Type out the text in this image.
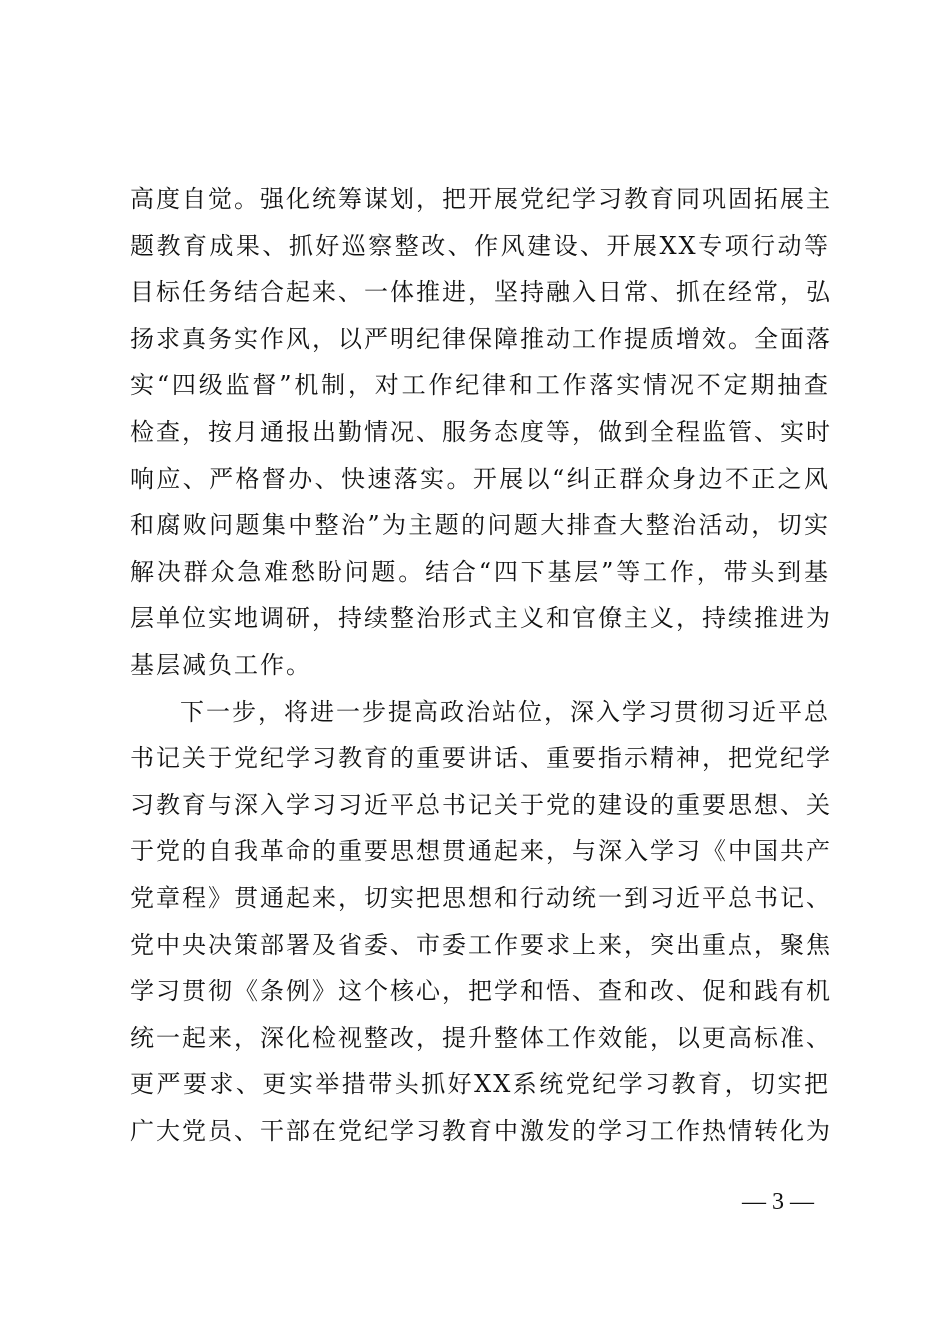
高度自觉。强化统筹谋划，把开展党纪学习教育同巩固拓展主
题教育成果、抓好巡察整改、作风建设、开展XX专项行动等
目标任务结合起来、一体推进，坚持融入日常、抓在经常，弘
扬求真务实作风，以严明纪律保障推动工作提质增效。全面落
实“四级监督”机制，对工作纪律和工作落实情况不定期抽查
检查，按月通报出勤情况、服务态度等，做到全程监管、实时
响应、严格督办、快速落实。开展以“纠正群众身边不正之风
和腐败问题集中整治”为主题的问题大排查大整治活动，切实
解决群众急难愁盼问题。结合“四下基层”等工作，带头到基
层单位实地调研，持续整治形式主义和官僚主义，持续推进为
基层减负工作。
下一步，将进一步提高政治站位，深入学习贯彻习近平总
书记关于党纪学习教育的重要讲话、重要指示精神，把党纪学
习教育与深入学习习近平总书记关于党的建设的重要思想、关
于党的自我革命的重要思想贯通起来，与深入学习《中国共产
党章程》贯通起来，切实把思想和行动统一到习近平总书记、
党中央决策部署及省委、市委工作要求上来，突出重点，聚焦
学习贯彻《条例》这个核心，把学和悟、查和改、促和践有机
统一起来，深化检视整改，提升整体工作效能，以更高标准、
更严要求、更实举措带头抓好XX系统党纪学习教育，切实把
广大党员、干部在党纪学习教育中激发的学习工作热情转化为
— 3 —
